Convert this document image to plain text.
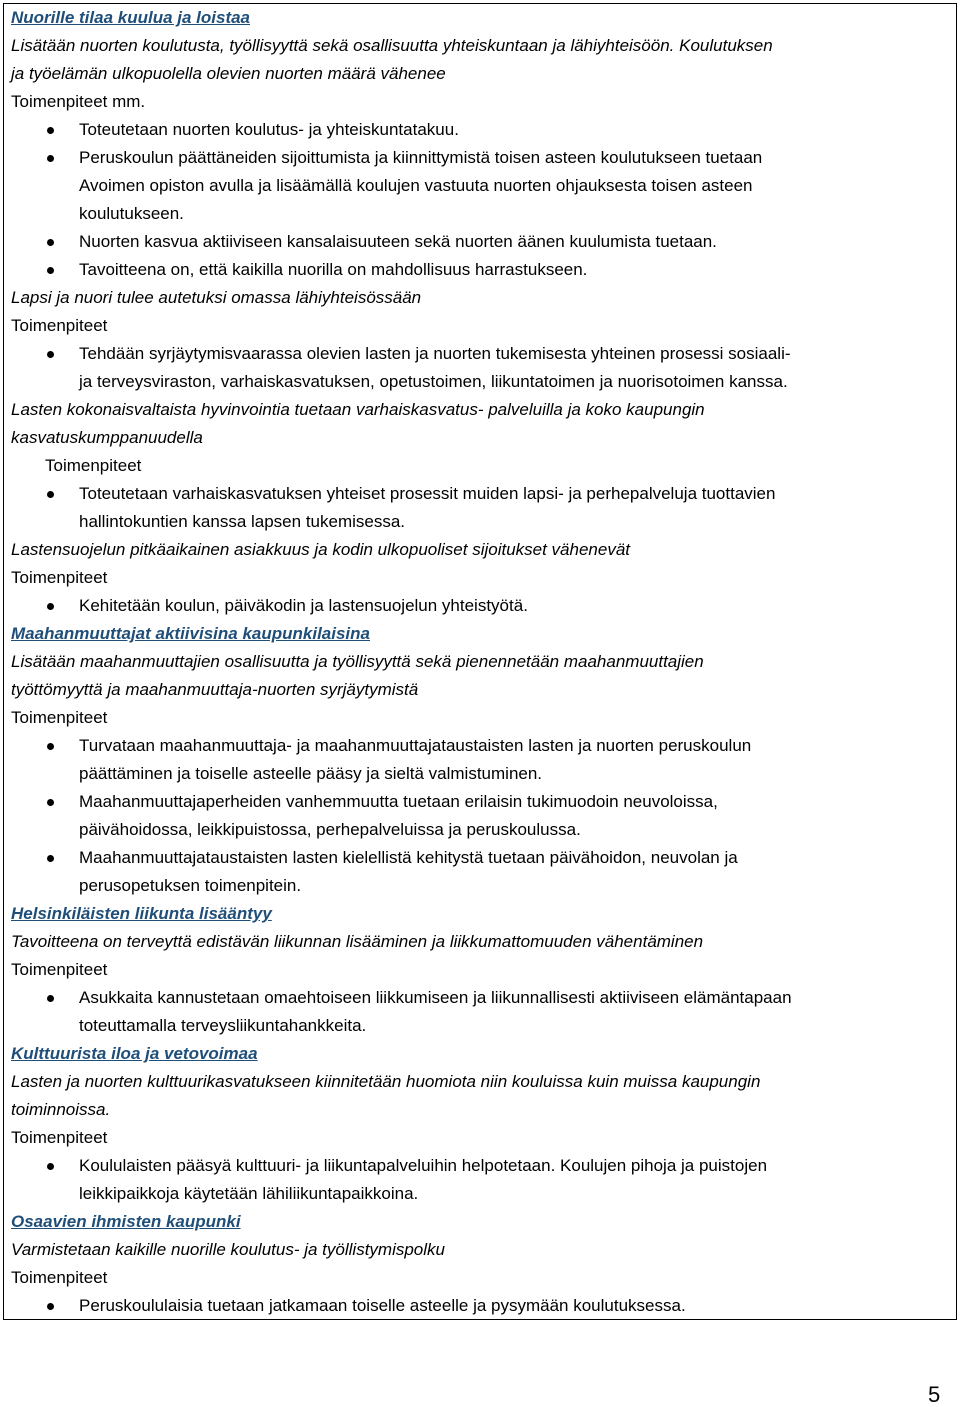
Nuorille tilaa kuulua ja loistaa
Lisätään nuorten koulutusta, työllisyyttä sekä osallisuutta yhteiskuntaan ja lähiyhteisöön. Koulutuksen
ja työelämän ulkopuolella olevien nuorten määrä vähenee
Toimenpiteet mm.
Toteutetaan nuorten koulutus- ja yhteiskuntatakuu.
Peruskoulun päättäneiden sijoittumista ja kiinnittymistä toisen asteen koulutukseen tuetaan
Avoimen opiston avulla ja lisäämällä koulujen vastuuta nuorten ohjauksesta toisen asteen
koulutukseen.
Nuorten kasvua aktiiviseen kansalaisuuteen sekä nuorten äänen kuulumista tuetaan.
Tavoitteena on, että kaikilla nuorilla on mahdollisuus harrastukseen.
Lapsi ja nuori tulee autetuksi omassa lähiyhteisössään
Toimenpiteet
Tehdään syrjäytymisvaarassa olevien lasten ja nuorten tukemisesta yhteinen prosessi sosiaali-
ja terveysviraston, varhaiskasvatuksen, opetustoimen, liikuntatoimen ja nuorisotoimen kanssa.
Lasten kokonaisvaltaista hyvinvointia tuetaan varhaiskasvatus- palveluilla ja koko kaupungin
kasvatuskumppanuudella
Toimenpiteet
Toteutetaan varhaiskasvatuksen yhteiset prosessit muiden lapsi- ja perhepalveluja tuottavien
hallintokuntien kanssa lapsen tukemisessa.
Lastensuojelun pitkäaikainen asiakkuus ja kodin ulkopuoliset sijoitukset vähenevät
Toimenpiteet
Kehitetään koulun, päiväkodin ja lastensuojelun yhteistyötä.
Maahanmuuttajat aktiivisina kaupunkilaisina
Lisätään maahanmuuttajien osallisuutta ja työllisyyttä sekä pienennetään maahanmuuttajien
työttömyyttä ja maahanmuuttaja-nuorten syrjäytymistä
Toimenpiteet
Turvataan maahanmuuttaja- ja maahanmuuttajataustaisten lasten ja nuorten peruskoulun
päättäminen ja toiselle asteelle pääsy ja sieltä valmistuminen.
Maahanmuuttajaperheiden vanhemmuutta tuetaan erilaisin tukimuodoin neuvoloissa,
päivähoidossa, leikkipuistossa, perhepalveluissa ja peruskoulussa.
Maahanmuuttajataustaisten lasten kielellistä kehitystä tuetaan päivähoidon, neuvolan ja
perusopetuksen toimenpitein.
Helsinkiläisten liikunta lisääntyy
Tavoitteena on terveyttä edistävän liikunnan lisääminen ja liikkumattomuuden vähentäminen
Toimenpiteet
Asukkaita kannustetaan omaehtoiseen liikkumiseen ja liikunnallisesti aktiiviseen elämäntapaan
toteuttamalla terveysliikuntahankkeita.
Kulttuurista iloa ja vetovoimaa
Lasten ja nuorten kulttuurikasvatukseen kiinnitetään huomiota niin kouluissa kuin muissa kaupungin
toiminnoissa.
Toimenpiteet
Koululaisten pääsyä kulttuuri- ja liikuntapalveluihin helpotetaan. Koulujen pihoja ja puistojen
leikkipaikkoja käytetään lähiliikuntapaikkoina.
Osaavien ihmisten kaupunki
Varmistetaan kaikille nuorille koulutus- ja työllistymispolku
Toimenpiteet
Peruskoululaisia tuetaan jatkamaan toiselle asteelle ja pysymään koulutuksessa.
5
